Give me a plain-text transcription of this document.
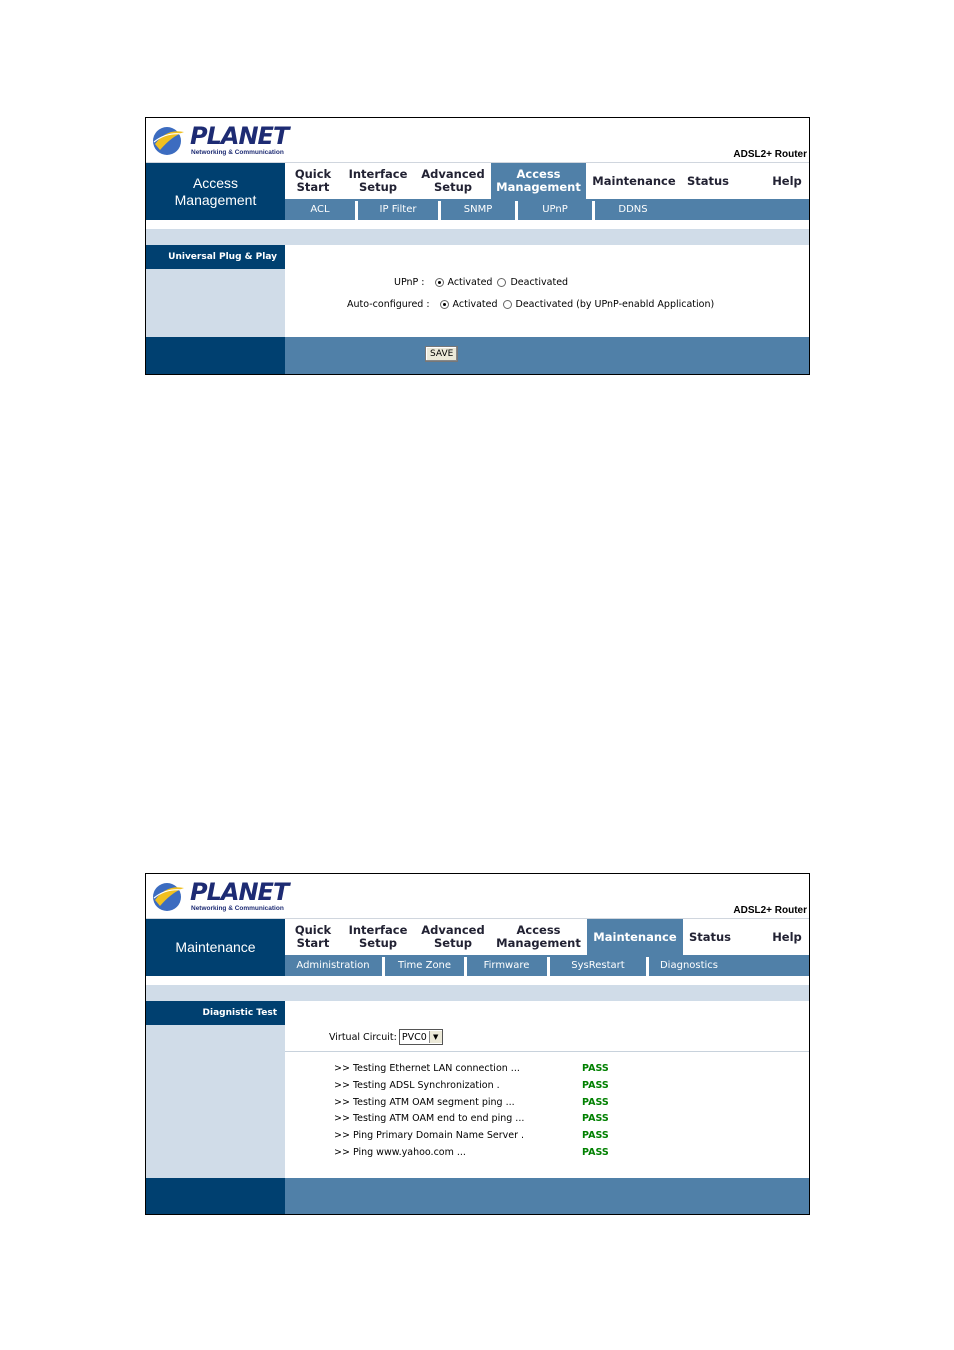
PLANET
Networking & Communication	ADSL2+ Router
Access Management
Quick Start
Interface Setup
Advanced Setup
Access Management Maintenance Status	Help
ACL	IP Filter	SNMP	UPnP	DDNS
Universal Plug & Play
UPnP : Activated Deactivated
Auto-configured : Activated Deactivated (by UPnP-enabld Application)
SAVE
PLANET
Networking & Communication	ADSL2+ Router
Maintenance
Quick Start
Interface Setup
Advanced Setup
Access Management	Maintenance	Status	Help
Administration	Time Zone	Firmware	SysRestart	Diagnostics
Diagnistic Test
Virtual Circuit: PVC0 ▼
>> Testing Ethernet LAN connection ...	PASS
>> Testing ADSL Synchronization .	PASS
>> Testing ATM OAM segment ping ...	PASS
>> Testing ATM OAM end to end ping ...	PASS
>> Ping Primary Domain Name Server .	PASS
>> Ping www.yahoo.com ...	PASS
